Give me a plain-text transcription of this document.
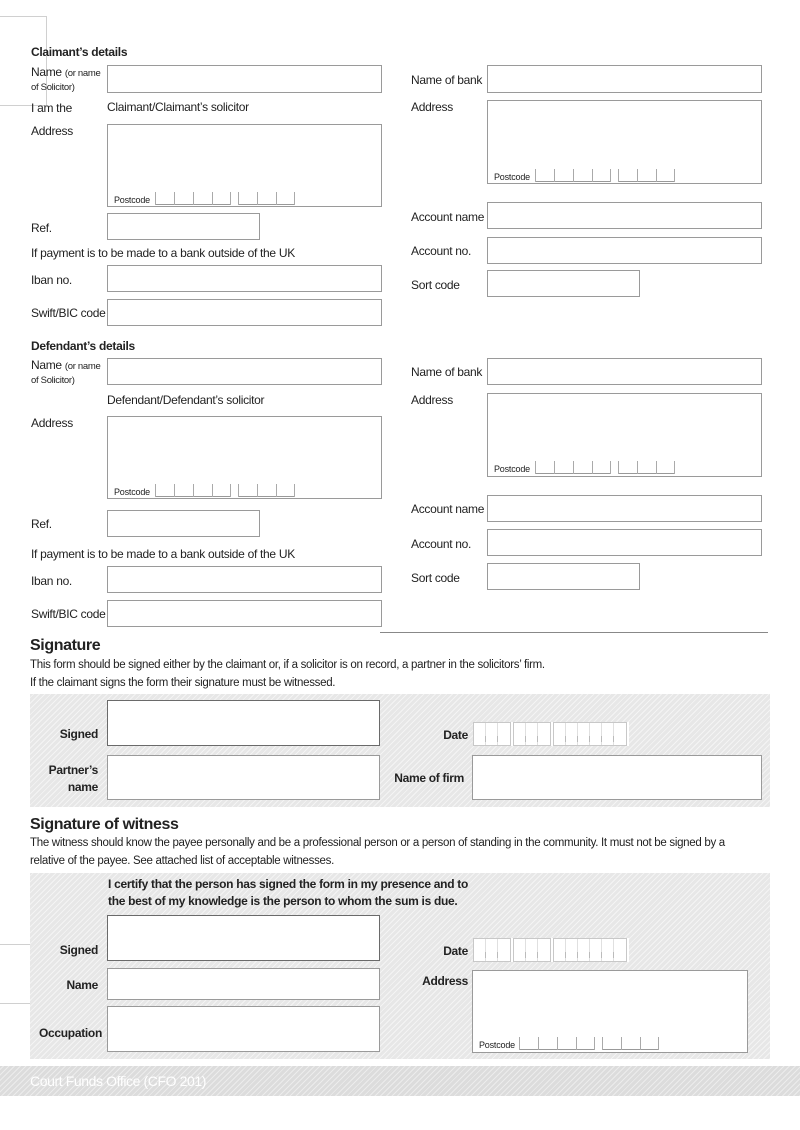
Claimant’s details
Name (or name
of Solicitor)
I am the	Claimant/Claimant’s solicitor
Address
Postcode
Ref.
If payment is to be made to a bank outside of the UK
Iban no.
Swift/BIC code
Name of bank
Address
Postcode
Account name
Account no.
Sort code
Defendant’s details
Name (or name
of Solicitor)
Defendant/Defendant’s solicitor
Address
Postcode
Ref.
If payment is to be made to a bank outside of the UK
Iban no.
Swift/BIC code
Name of bank
Address
Postcode
Account name
Account no.
Sort code
Signature
This form should be signed either by the claimant or, if a solicitor is on record, a partner in the solicitors’ firm.
If the claimant signs the form their signature must be witnessed.
Signed
Partner’s
name
Date
Name of firm
Signature of witness
The witness should know the payee personally and be a professional person or a person of standing in the community. It must not be signed by a
relative of the payee. See attached list of acceptable witnesses.
I certify that the person has signed the form in my presence and to
the best of my knowledge is the person to whom the sum is due.
Signed
Name
Occupation
Date
Address
Postcode
Court Funds Office (CFO 201)
